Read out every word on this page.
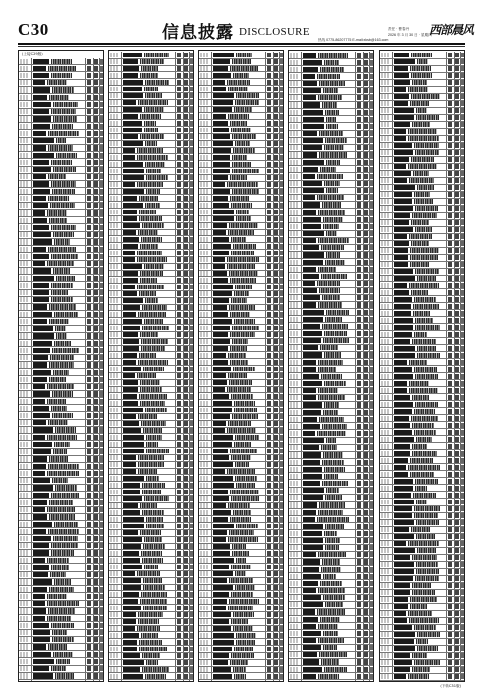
C30	信息披露 DISCLOSURE	责任 · 曹春丹
2026 年 3 月 30 日 · 星期四
热线 0775-86207775 E-mail:xksb@163.com
西部晨风
(上接C29版)
(下转C31版)
